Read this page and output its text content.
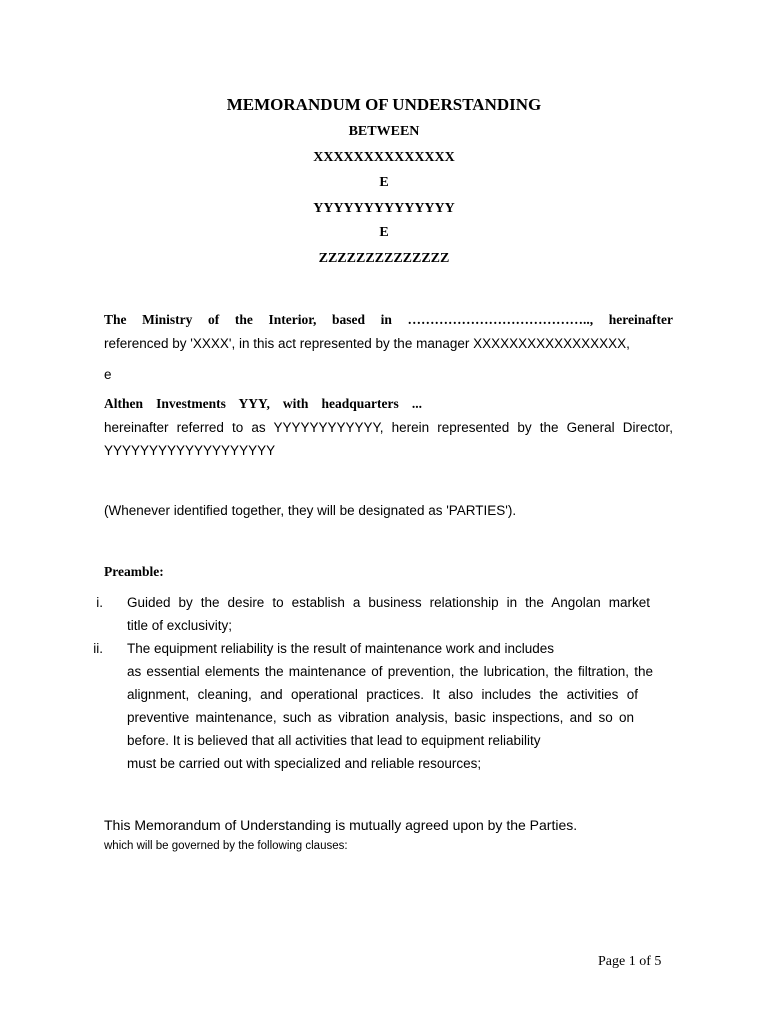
MEMORANDUM OF UNDERSTANDING
BETWEEN
XXXXXXXXXXXXXX
E
YYYYYYYYYYYYYY
E
ZZZZZZZZZZZZZZ
The Ministry of the Interior, based in ………………………………….., hereinafter
referenced by 'XXXX', in this act represented by the manager XXXXXXXXXXXXXXXXX,
e
Althen Investments YYY, with headquarters ...
hereinafter referred to as YYYYYYYYYYYY, herein represented by the General Director,
YYYYYYYYYYYYYYYYYYY
(Whenever identified together, they will be designated as 'PARTIES').
Preamble:
i. Guided by the desire to establish a business relationship in the Angolan market
title of exclusivity;
ii. The equipment reliability is the result of maintenance work and includes
as essential elements the maintenance of prevention, the lubrication, the filtration, the
alignment, cleaning, and operational practices. It also includes the activities of
preventive maintenance, such as vibration analysis, basic inspections, and so on
before. It is believed that all activities that lead to equipment reliability
must be carried out with specialized and reliable resources;
This Memorandum of Understanding is mutually agreed upon by the Parties.
which will be governed by the following clauses:
Page 1 of 5
